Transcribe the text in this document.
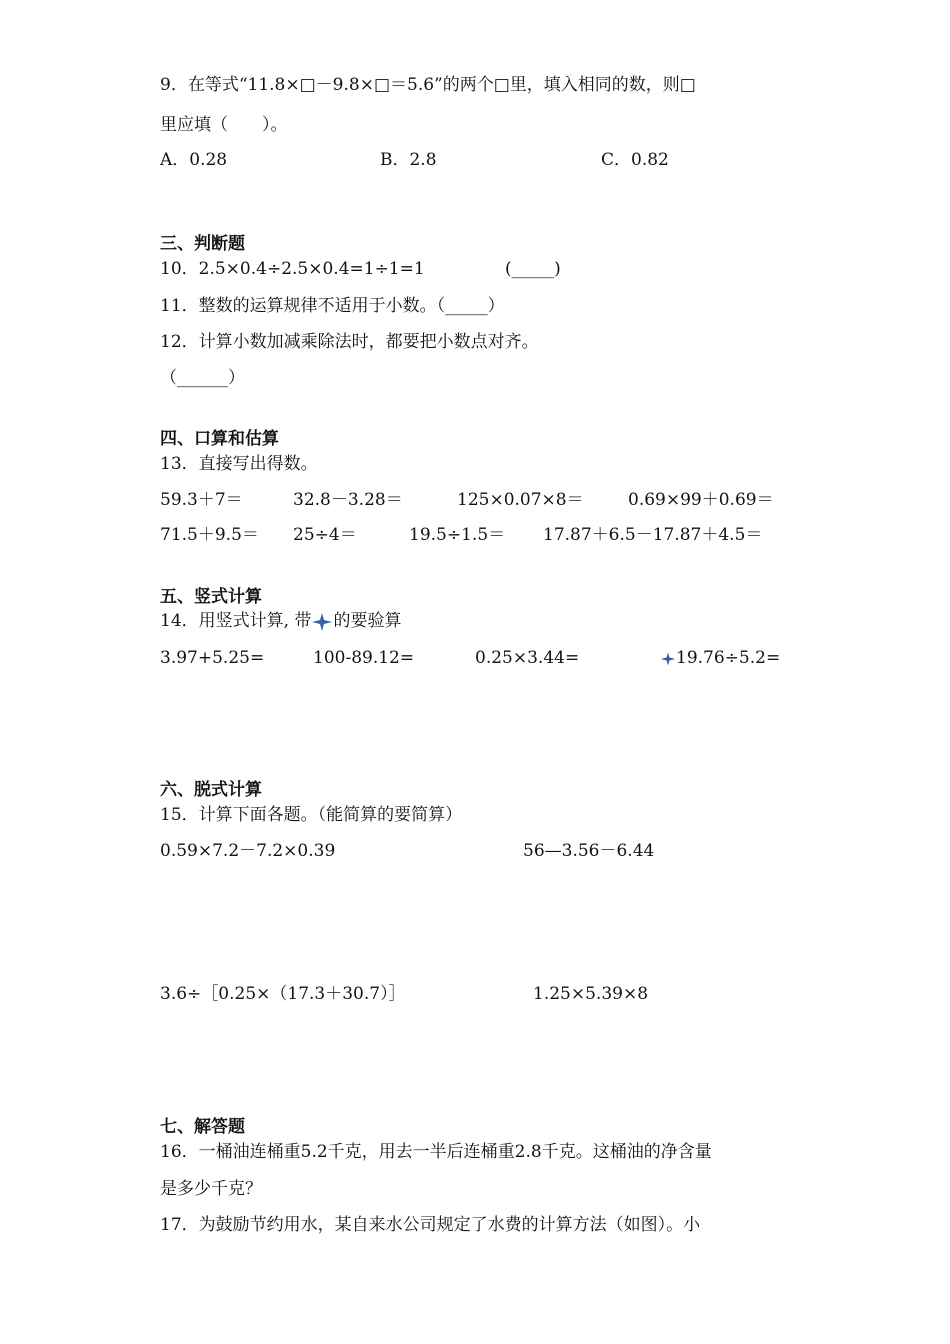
9．在等式“11.8×□－9.8×□＝5.6”的两个□里，填入相同的数，则□
里应填（　　）。
A．0.28	B．2.8	C．0.82
三、判断题
10．2.5×0.4÷2.5×0.4=1÷1=1	(_____)
11．整数的运算规律不适用于小数。（_____）
12．计算小数加减乘除法时，都要把小数点对齐。
（______）
四、口算和估算
13．直接写出得数。
59.3＋7＝	32.8－3.28＝	125×0.07×8＝	0.69×99＋0.69＝
71.5＋9.5＝ 25÷4＝	19.5÷1.5＝ 17.87＋6.5－17.87＋4.5＝
五、竖式计算
14．用竖式计算, 带 的要验算
3.97+5.25=	100-89.12=	0.25×3.44=	19.76÷5.2=
六、脱式计算
15．计算下面各题。（能简算的要简算）
0.59×7.2－7.2×0.39	56—3.56－6.44
3.6÷［0.25×（17.3＋30.7）］	1.25×5.39×8
七、解答题
16．一桶油连桶重5.2千克，用去一半后连桶重2.8千克。这桶油的净含量
是多少千克？
17．为鼓励节约用水，某自来水公司规定了水费的计算方法（如图）。小
